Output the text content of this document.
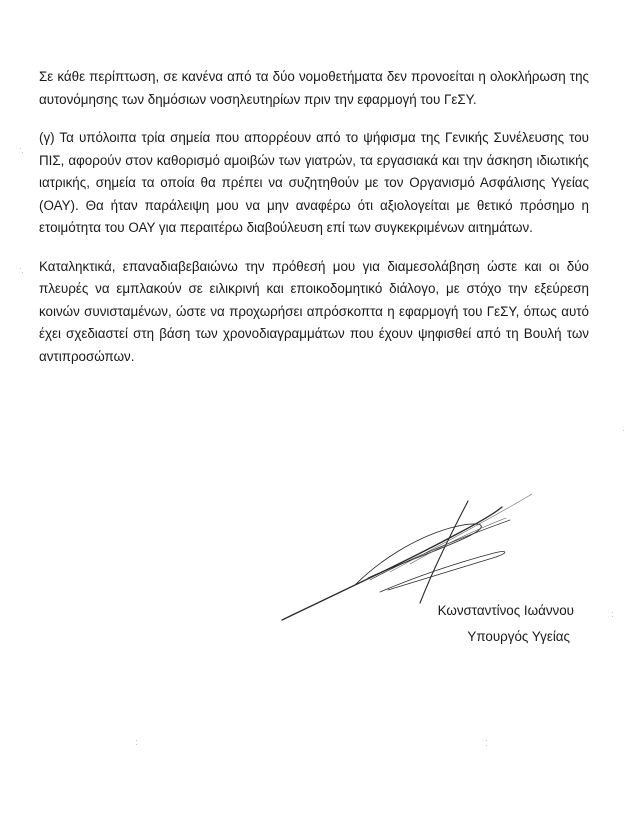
Σε κάθε περίπτωση, σε κανένα από τα δύο νομοθετήματα δεν προνοείται η ολοκλήρωση της αυτονόμησης των δημόσιων νοσηλευτηρίων πριν την εφαρμογή του ΓεΣΥ.

(γ) Τα υπόλοιπα τρία σημεία που απορρέουν από το ψήφισμα της Γενικής Συνέλευσης του ΠΙΣ, αφορούν στον καθορισμό αμοιβών των γιατρών, τα εργασιακά και την άσκηση ιδιωτικής ιατρικής, σημεία τα οποία θα πρέπει να συζητηθούν με τον Οργανισμό Ασφάλισης Υγείας (ΟΑΥ). Θα ήταν παράλειψη μου να μην αναφέρω ότι αξιολογείται με θετικό πρόσημο η ετοιμότητα του ΟΑΥ για περαιτέρω διαβούλευση επί των συγκεκριμένων αιτημάτων.

Καταληκτικά, επαναδιαβεβαιώνω την πρόθεσή μου για διαμεσολάβηση ώστε και οι δύο πλευρές να εμπλακούν σε ειλικρινή και εποικοδομητικό διάλογο, με στόχο την εξεύρεση κοινών συνισταμένων, ώστε να προχωρήσει απρόσκοπτα η εφαρμογή του ΓεΣΥ, όπως αυτό έχει σχεδιαστεί στη βάση των χρονοδιαγραμμάτων που έχουν ψηφισθεί από τη Βουλή των αντιπροσώπων.

Κωνσταντίνος Ιωάννου
Υπουργός Υγείας
